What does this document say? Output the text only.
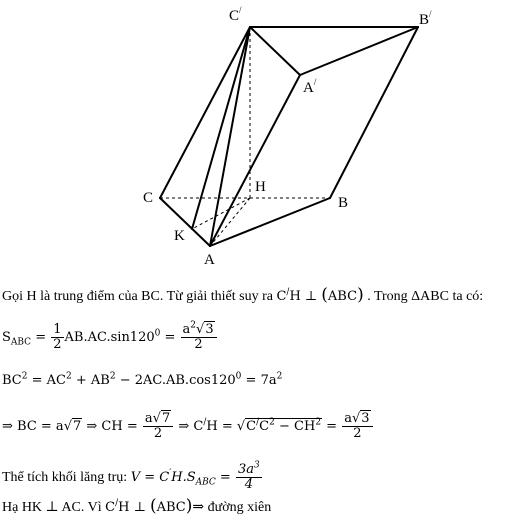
C/
B/
A/
C
H
B
K
A
Gọi H là trung điểm của BC. Từ giải thiết suy ra C/H ⊥ (ABC) . Trong ΔABC ta có:
$S_{ABC} = \frac{1}{2} AB.AC.\sin 120^0 = \frac{a^2√3}{2}$
$BC^2 = AC^2 + AB^2 - 2AC.AB.\cos 120^0 = 7a^2$
⇒ BC = a√7 ⇒ CH = $\frac{a√7}{2}$ ⇒ $C^/H = √C^/C^2 - CH^2 = \frac{a√3}{2}$
Thể tích khối lăng trụ: $V = C'H.S_{ABC} = \frac{3a^3}{4}$
Hạ HK ⊥ AC. Vì C/H ⊥ (ABC)⇒ đường xiên
